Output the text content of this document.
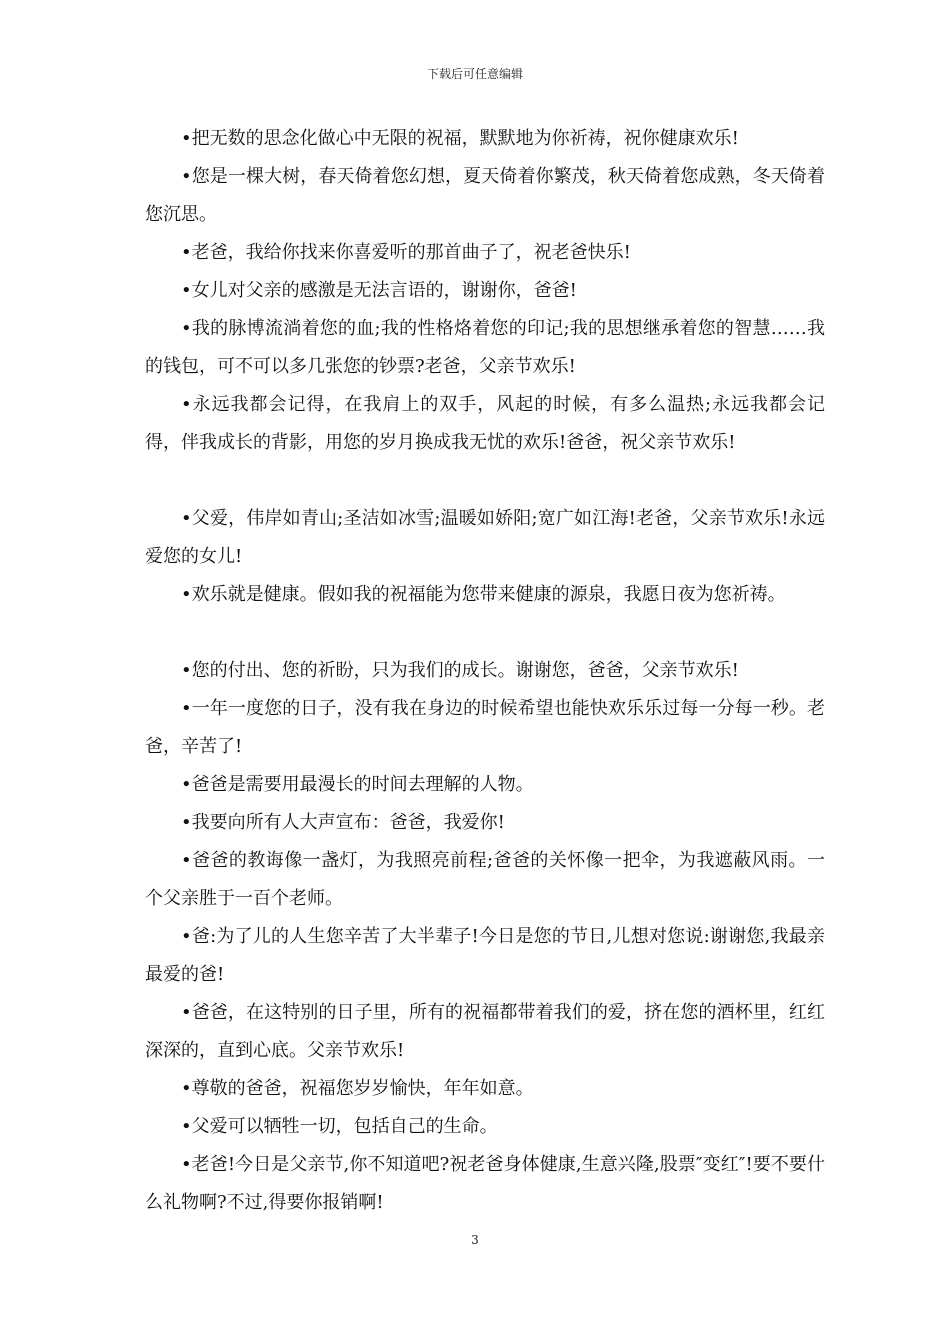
下载后可任意编辑

•把无数的思念化做心中无限的祝福，默默地为你祈祷，祝你健康欢乐!

•您是一棵大树，春天倚着您幻想，夏天倚着你繁茂，秋天倚着您成熟，冬天倚着您沉思。

•老爸，我给你找来你喜爱听的那首曲子了，祝老爸快乐!

•女儿对父亲的感激是无法言语的，谢谢你，爸爸!

•我的脉博流淌着您的血;我的性格烙着您的印记;我的思想继承着您的智慧……我的钱包，可不可以多几张您的钞票?老爸，父亲节欢乐!

•永远我都会记得，在我肩上的双手，风起的时候，有多么温热;永远我都会记得，伴我成长的背影，用您的岁月换成我无忧的欢乐!爸爸，祝父亲节欢乐!

•父爱，伟岸如青山;圣洁如冰雪;温暖如娇阳;宽广如江海!老爸，父亲节欢乐!永远爱您的女儿!

•欢乐就是健康。假如我的祝福能为您带来健康的源泉，我愿日夜为您祈祷。

•您的付出、您的祈盼，只为我们的成长。谢谢您，爸爸，父亲节欢乐!

•一年一度您的日子，没有我在身边的时候希望也能快欢乐乐过每一分每一秒。老爸，辛苦了!

•爸爸是需要用最漫长的时间去理解的人物。

•我要向所有人大声宣布：爸爸，我爱你!

•爸爸的教诲像一盏灯，为我照亮前程;爸爸的关怀像一把伞，为我遮蔽风雨。一个父亲胜于一百个老师。

•爸:为了儿的人生您辛苦了大半辈子!今日是您的节日,儿想对您说:谢谢您,我最亲最爱的爸!

•爸爸，在这特别的日子里，所有的祝福都带着我们的爱，挤在您的酒杯里，红红深深的，直到心底。父亲节欢乐!

•尊敬的爸爸，祝福您岁岁愉快，年年如意。

•父爱可以牺牲一切，包括自己的生命。

•老爸!今日是父亲节,你不知道吧?祝老爸身体健康,生意兴隆,股票″变红″!要不要什么礼物啊?不过,得要你报销啊!

3
